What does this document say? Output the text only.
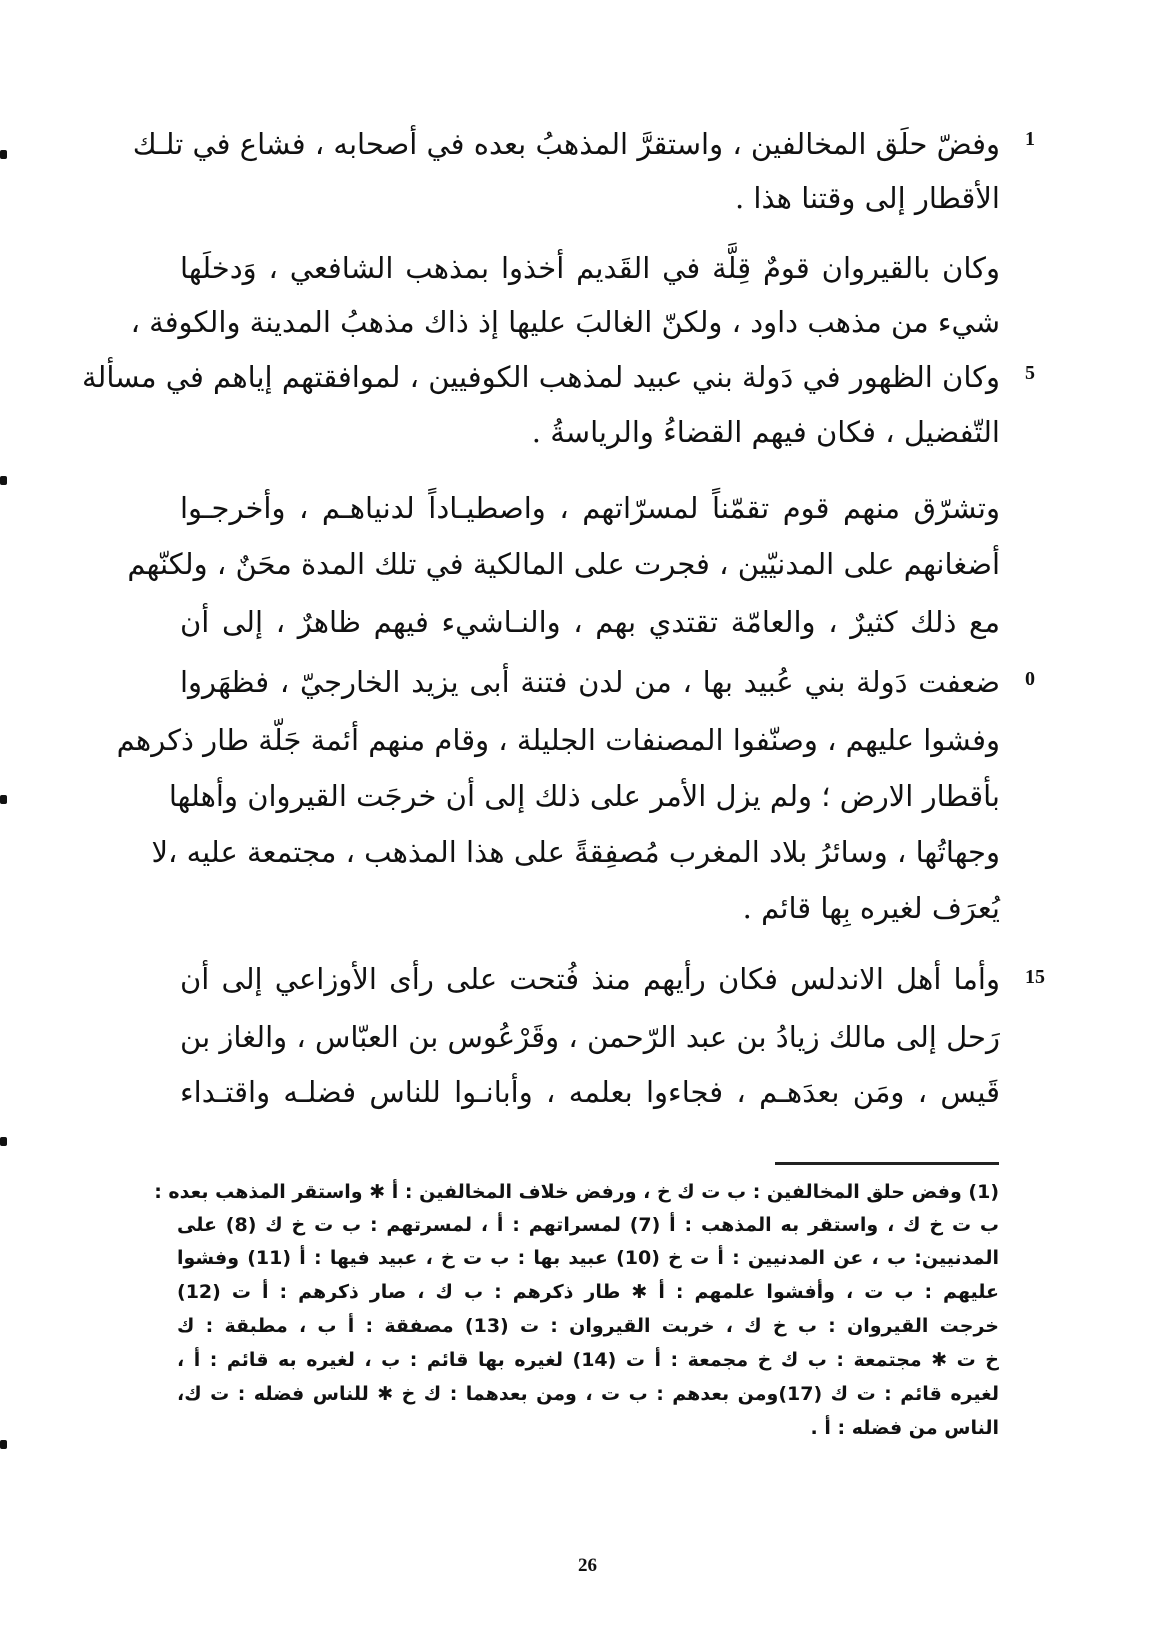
1
5
0
15
وفضّ حلَق المخالفين ، واستقرَّ المذهبُ بعده في أصحابه ، فشاع في تلـك
الأقطار إلى وقتنا هذا .
وكان بالقيروان قومٌ قِلَّة في القَديم أخذوا بمذهب الشافعي ، وَدخلَها
شيء من مذهب داود ، ولكنّ الغالبَ عليها إذ ذاك مذهبُ المدينة والكوفة ،
وكان الظهور في دَولة بني عبيد لمذهب الكوفيين ، لموافقتهم إياهم في مسألة
التّفضيل ، فكان فيهم القضاءُ والرياسةُ .
وتشرّق منهم قوم تقمّناً لمسرّاتهم ، واصطيـاداً لدنياهـم ، وأخرجـوا
أضغانهم على المدنيّين ، فجرت على المالكية في تلك المدة محَنٌ ، ولكنّهم
مع ذلك كثيرٌ ، والعامّة تقتدي بهم ، والنـاشيء فيهم ظاهرٌ ، إلى أن
ضعفت دَولة بني عُبيد بها ، من لدن فتنة أبى يزيد الخارجيّ ، فظهَروا
وفشوا عليهم ، وصنّفوا المصنفات الجليلة ، وقام منهم أئمة جَلّة طار ذكرهم
بأقطار الارض ؛ ولم يزل الأمر على ذلك إلى أن خرجَت القيروان وأهلها
وجهاتُها ، وسائرُ بلاد المغرب مُصفِقةً على هذا المذهب ، مجتمعة عليه ،لا
يُعرَف لغيره بِها قائم .
وأما أهل الاندلس فكان رأيهم منذ فُتحت على رأى الأوزاعي إلى أن
رَحل إلى مالك زيادُ بن عبد الرّحمن ، وقَرْعُوس بن العبّاس ، والغاز بن
قَيس ، ومَن بعدَهـم ، فجاءوا بعلمه ، وأبانـوا للناس فضلـه واقتـداء
(1) وفض حلق المخالفين : ب ت ك خ ، ورفض خلاف المخالفين : أ ✱ واستقر المذهب بعده :
ب ت خ ك ، واستقر به المذهب : أ (7) لمسراتهم : أ ، لمسرتهم : ب ت خ ك (8) على
المدنيين: ب ، عن المدنيين : أ ت خ (10) عبيد بها : ب ت خ ، عبيد فيها : أ (11) وفشوا
عليهم : ب ت ، وأفشوا علمهم : أ ✱ طار ذكرهم : ب ك ، صار ذكرهم : أ ت (12)
خرجت القيروان : ب خ ك ، خربت القيروان : ت (13) مصفقة : أ ب ، مطبقة : ك
خ ت ✱ مجتمعة : ب ك خ مجمعة : أ ت (14) لغيره بها قائم : ب ، لغيره به قائم : أ ،
لغيره قائم : ت ك (17)ومن بعدهم : ب ت ، ومن بعدهما : ك خ ✱ للناس فضله : ت ك،
الناس من فضله : أ .
26
